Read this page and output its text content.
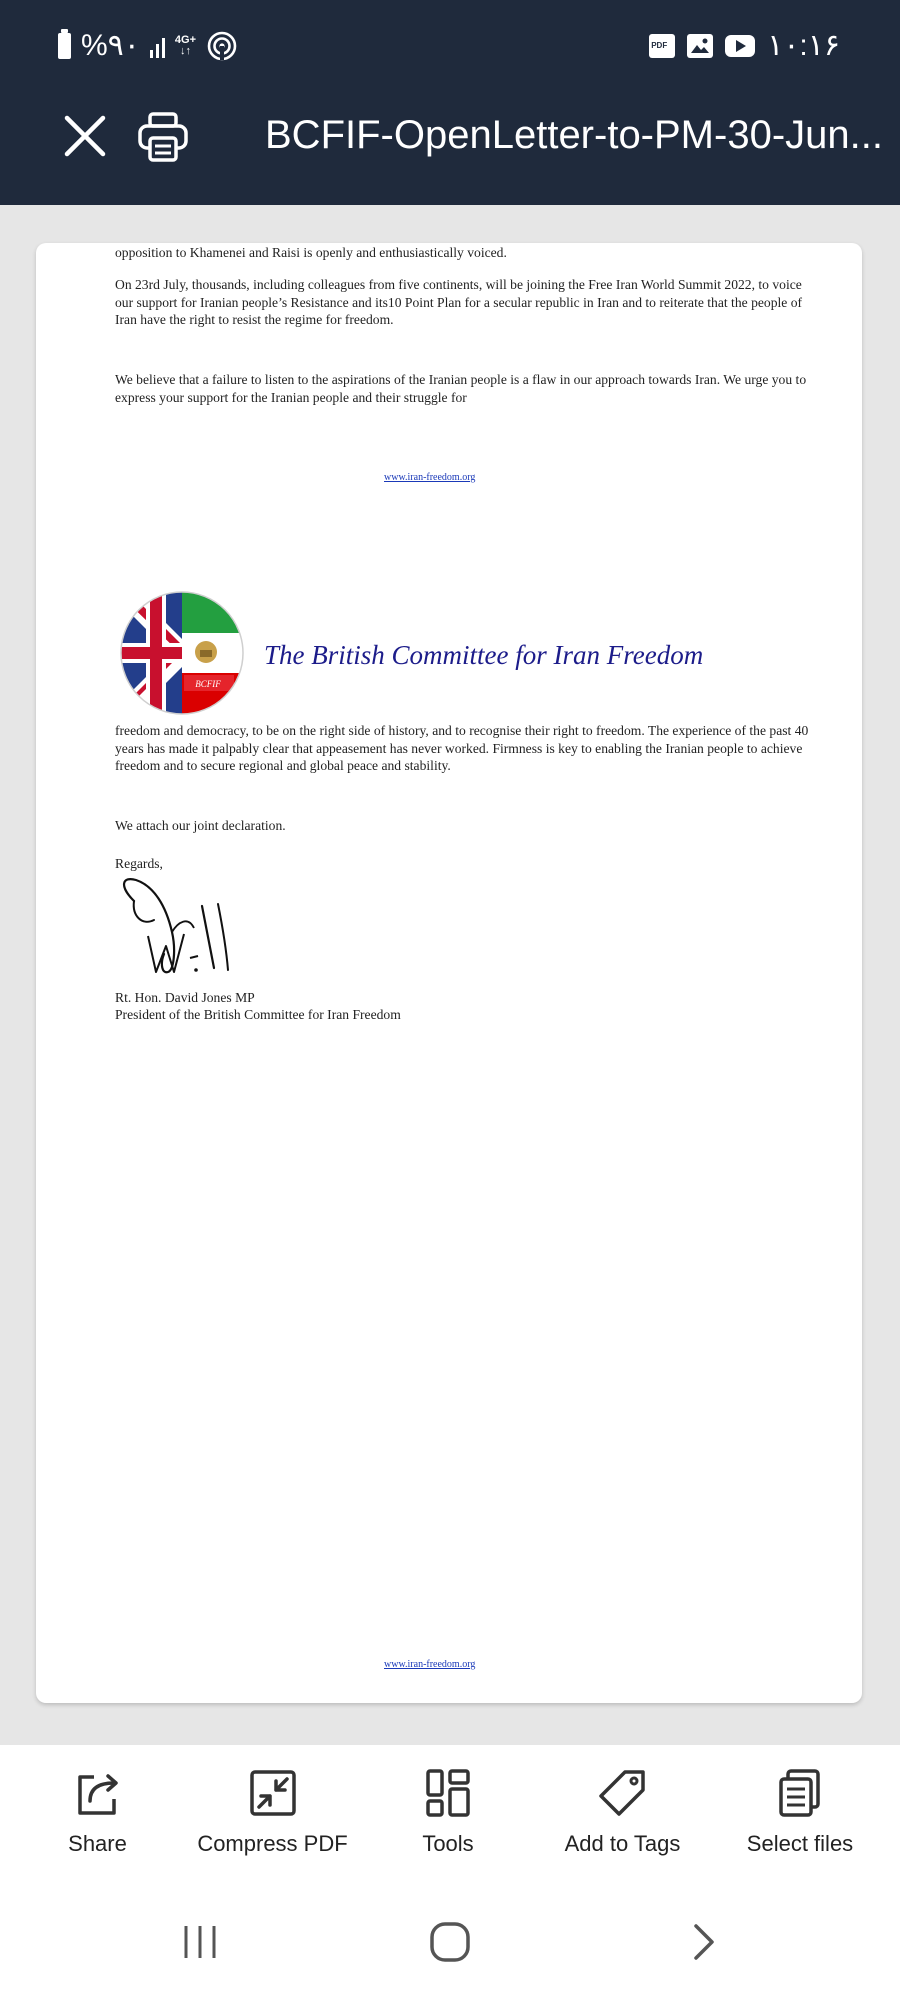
%۹۰	4G+
↓↑	PDF	۱۰:۱۶
BCFIF-OpenLetter-to-PM-30-Jun...

opposition to Khamenei and Raisi is openly and enthusiastically voiced.

On 23rd July, thousands, including colleagues from five continents, will be joining the Free Iran World Summit 2022, to voice our support for Iranian people’s Resistance and its10 Point Plan for a secular republic in Iran and to reiterate that the people of Iran have the right to resist the regime for freedom.

We believe that a failure to listen to the aspirations of the Iranian people is a flaw in our approach towards Iran. We urge you to express your support for the Iranian people and their struggle for

www.iran-freedom.org
BCFIF
The British Committee for Iran Freedom

freedom and democracy, to be on the right side of history, and to recognise their right to freedom. The experience of the past 40 years has made it palpably clear that appeasement has never worked. Firmness is key to enabling the Iranian people to achieve freedom and to secure regional and global peace and stability.

We attach our joint declaration.

Regards,

Rt. Hon. David Jones MP

President of the British Committee for Iran Freedom

www.iran-freedom.org
Share	Compress PDF	Tools	Add to Tags	Select files
